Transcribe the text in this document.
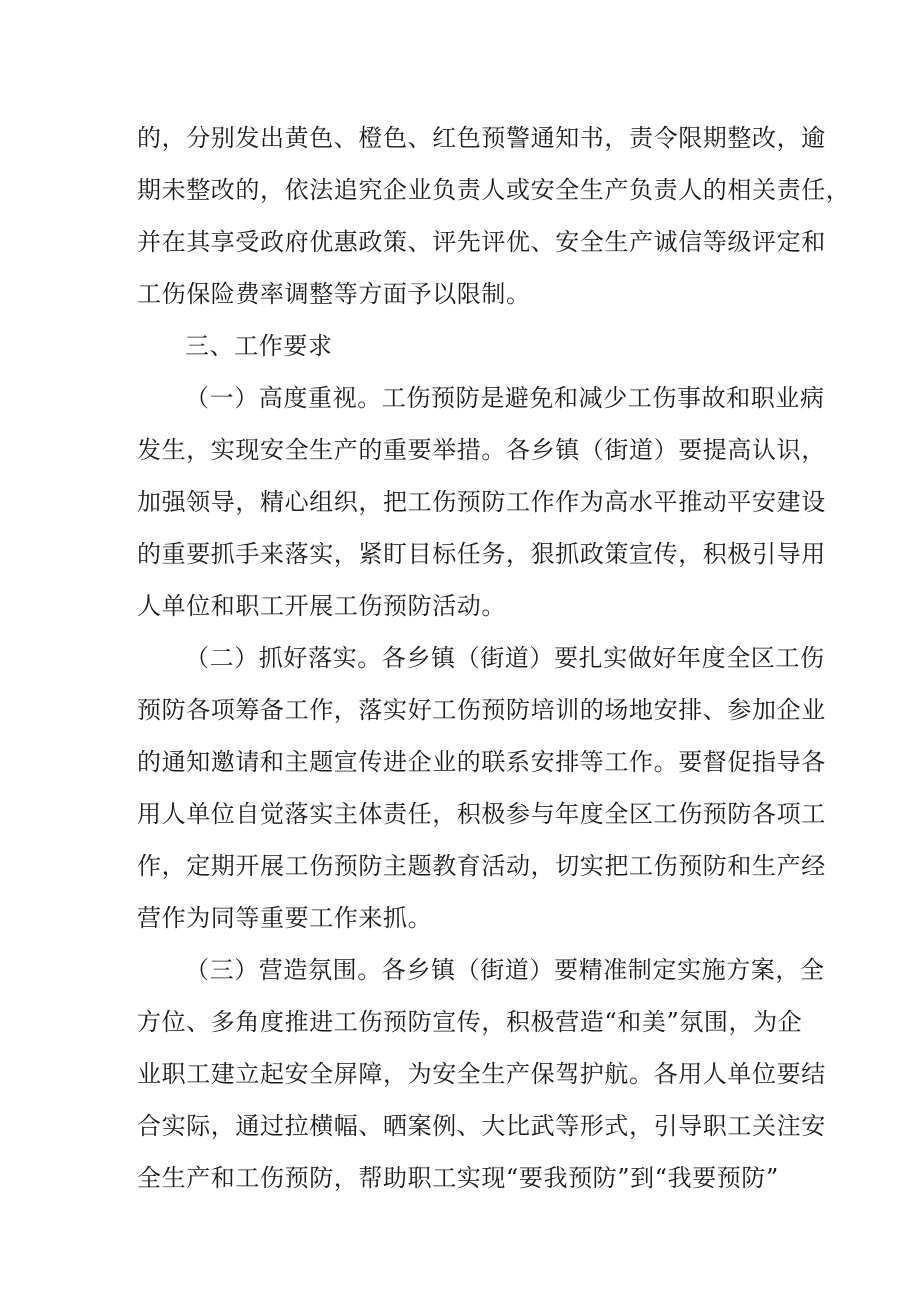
的，分别发出黄色、橙色、红色预警通知书，责令限期整改，逾
期未整改的，依法追究企业负责人或安全生产负责人的相关责任，
并在其享受政府优惠政策、评先评优、安全生产诚信等级评定和
工伤保险费率调整等方面予以限制。
三、工作要求
（一）高度重视。工伤预防是避免和减少工伤事故和职业病
发生，实现安全生产的重要举措。各乡镇（街道）要提高认识，
加强领导，精心组织，把工伤预防工作作为高水平推动平安建设
的重要抓手来落实，紧盯目标任务，狠抓政策宣传，积极引导用
人单位和职工开展工伤预防活动。
（二）抓好落实。各乡镇（街道）要扎实做好年度全区工伤
预防各项筹备工作，落实好工伤预防培训的场地安排、参加企业
的通知邀请和主题宣传进企业的联系安排等工作。要督促指导各
用人单位自觉落实主体责任，积极参与年度全区工伤预防各项工
作，定期开展工伤预防主题教育活动，切实把工伤预防和生产经
营作为同等重要工作来抓。
（三）营造氛围。各乡镇（街道）要精准制定实施方案，全
方位、多角度推进工伤预防宣传，积极营造“和美”氛围，为企
业职工建立起安全屏障，为安全生产保驾护航。各用人单位要结
合实际，通过拉横幅、晒案例、大比武等形式，引导职工关注安
全生产和工伤预防，帮助职工实现“要我预防”到“我要预防”
